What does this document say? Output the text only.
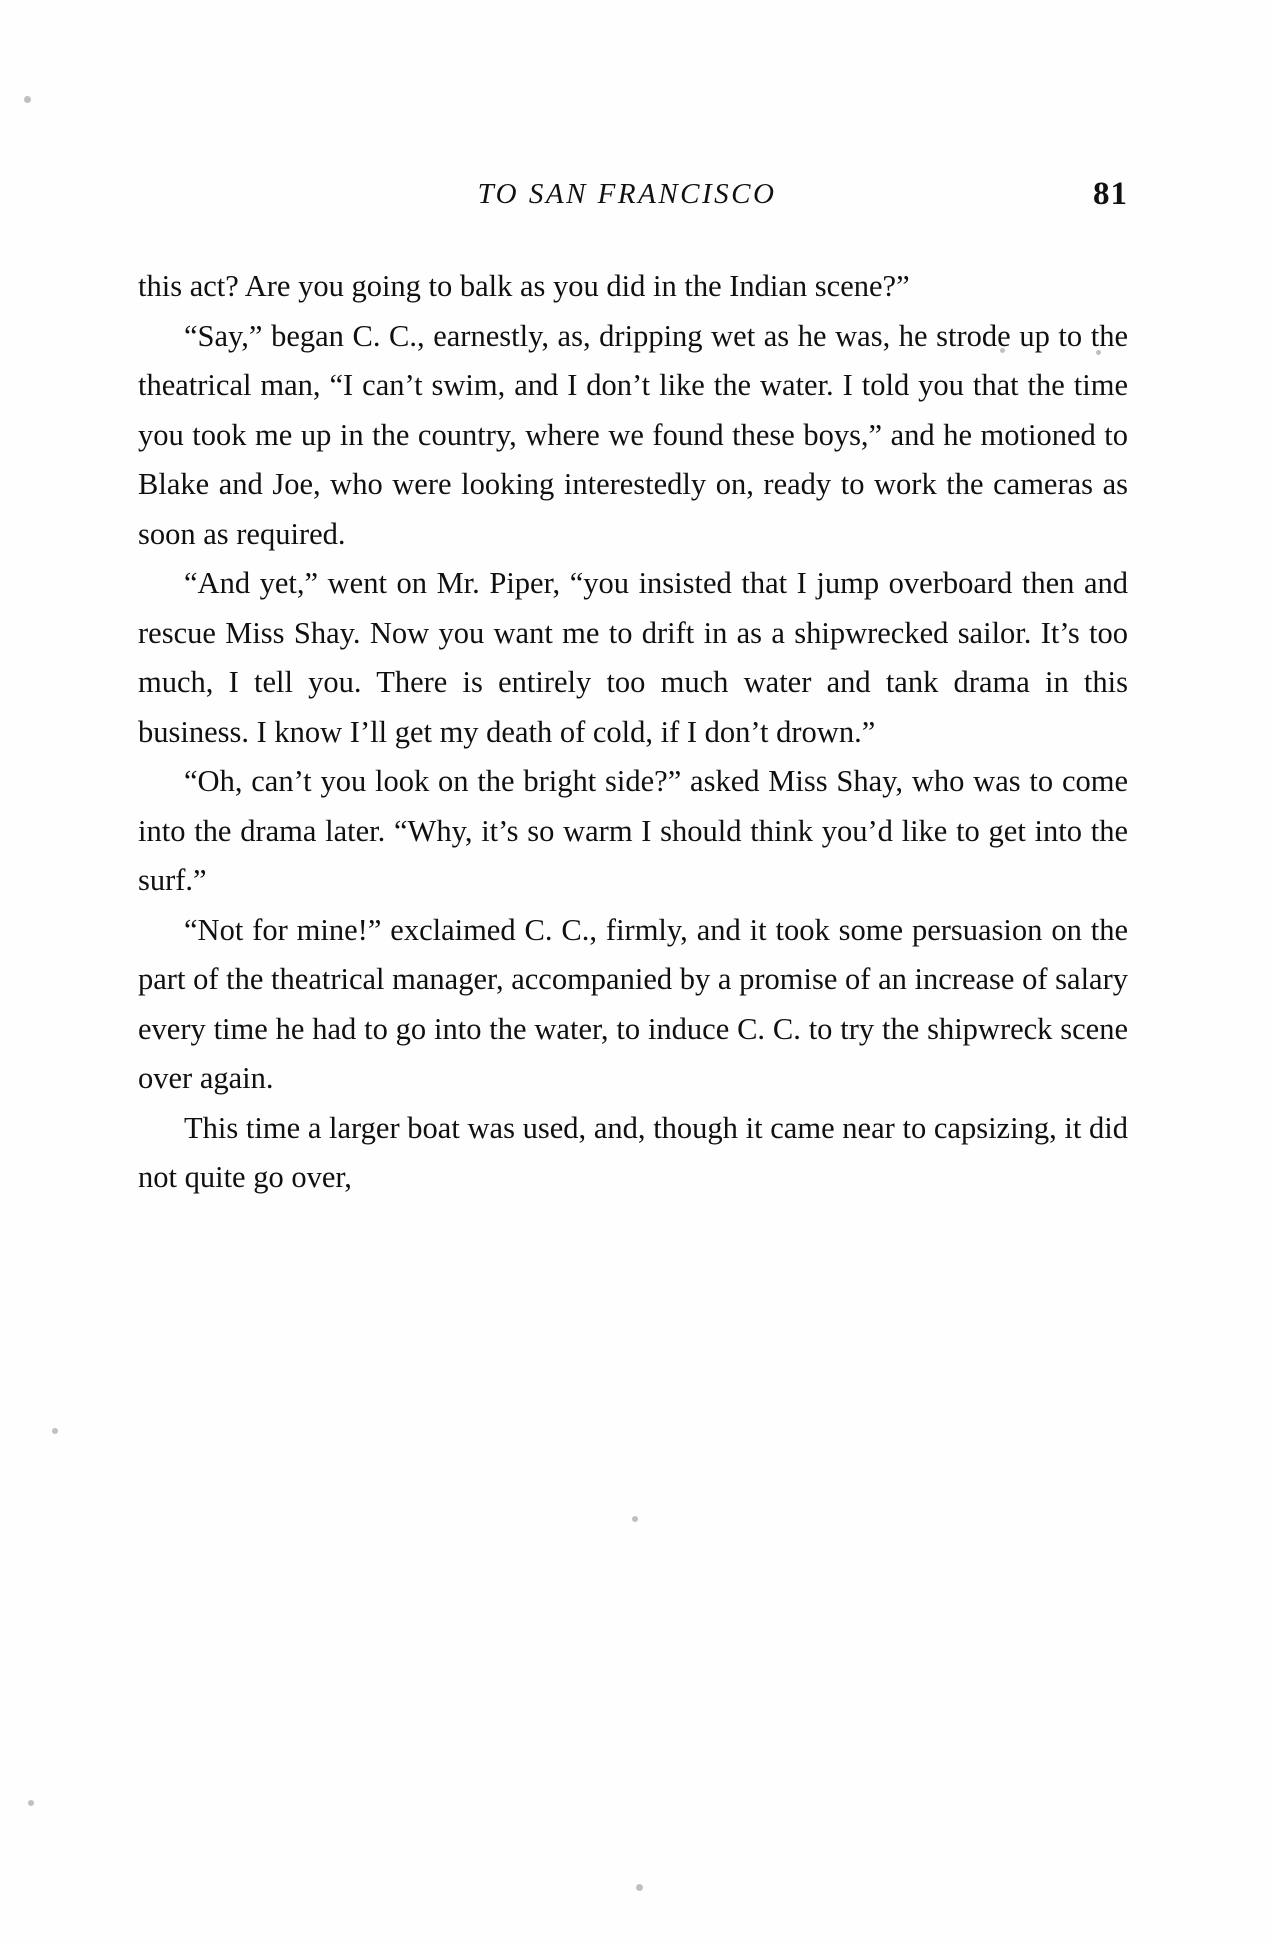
TO SAN FRANCISCO	81

this act? Are you going to balk as you did in the Indian scene?”

“Say,” began C. C., earnestly, as, dripping wet as he was, he strode up to the theatrical man, “I can’t swim, and I don’t like the water. I told you that the time you took me up in the country, where we found these boys,” and he motioned to Blake and Joe, who were looking interestedly on, ready to work the cameras as soon as required.

“And yet,” went on Mr. Piper, “you insisted that I jump overboard then and rescue Miss Shay. Now you want me to drift in as a shipwrecked sailor. It’s too much, I tell you. There is entirely too much water and tank drama in this business. I know I’ll get my death of cold, if I don’t drown.”

“Oh, can’t you look on the bright side?” asked Miss Shay, who was to come into the drama later. “Why, it’s so warm I should think you’d like to get into the surf.”

“Not for mine!” exclaimed C. C., firmly, and it took some persuasion on the part of the theatrical manager, accompanied by a promise of an increase of salary every time he had to go into the water, to induce C. C. to try the shipwreck scene over again.

This time a larger boat was used, and, though it came near to capsizing, it did not quite go over,
